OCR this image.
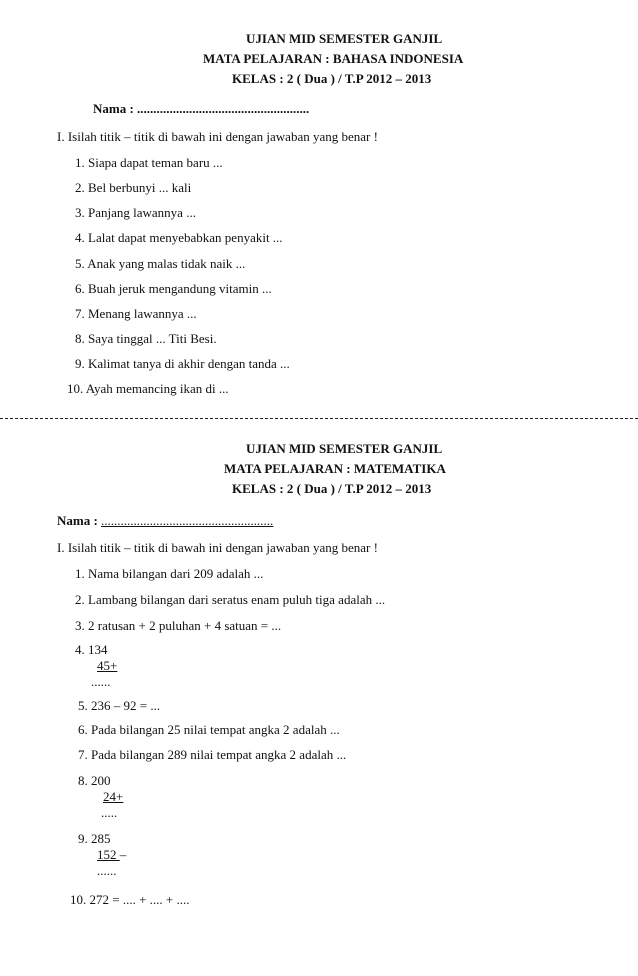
UJIAN MID SEMESTER GANJIL
MATA PELAJARAN : BAHASA INDONESIA
KELAS : 2 ( Dua ) / T.P 2012 – 2013
Nama : .....................................................
I. Isilah titik – titik di bawah ini dengan jawaban yang benar !
1. Siapa dapat teman baru ...
2. Bel berbunyi ... kali
3. Panjang lawannya ...
4. Lalat dapat menyebabkan penyakit ...
5. Anak yang malas tidak naik ...
6. Buah jeruk mengandung vitamin ...
7. Menang lawannya ...
8. Saya tinggal ... Titi Besi.
9. Kalimat tanya di akhir dengan tanda ...
10. Ayah memancing ikan di ...
UJIAN MID SEMESTER GANJIL
MATA PELAJARAN : MATEMATIKA
KELAS : 2 ( Dua ) / T.P 2012 – 2013
Nama : .....................................................
I. Isilah titik – titik di bawah ini dengan jawaban yang benar !
1. Nama bilangan dari 209 adalah ...
2. Lambang bilangan dari seratus enam puluh tiga adalah ...
3. 2 ratusan + 2 puluhan + 4 satuan = ...
4. 134
45+
......
5. 236 – 92 = ...
6. Pada bilangan 25 nilai tempat angka 2 adalah ...
7. Pada bilangan 289 nilai tempat angka 2 adalah ...
8. 200
24+
.....
9. 285
152 –
......
10. 272 = .... + .... + ....
